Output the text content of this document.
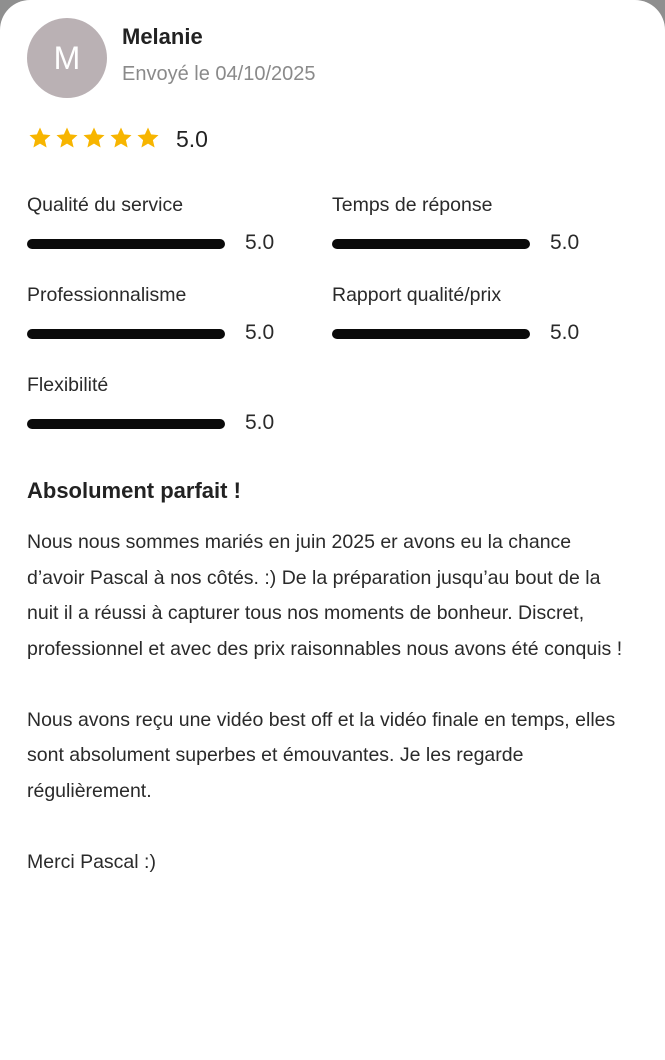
M
Melanie
Envoyé le 04/10/2025
5.0
Qualité du service
5.0
Temps de réponse
5.0
Professionnalisme
5.0
Rapport qualité/prix
5.0
Flexibilité
5.0
Absolument parfait !

Nous nous sommes mariés en juin 2025 er avons eu la chance d’avoir Pascal à nos côtés. :) De la préparation jusqu’au bout de la nuit il a réussi à capturer tous nos moments de bonheur. Discret, professionnel et avec des prix raisonnables nous avons été conquis !

Nous avons reçu une vidéo best off et la vidéo finale en temps, elles sont absolument superbes et émouvantes. Je les regarde régulièrement.

Merci Pascal :)
